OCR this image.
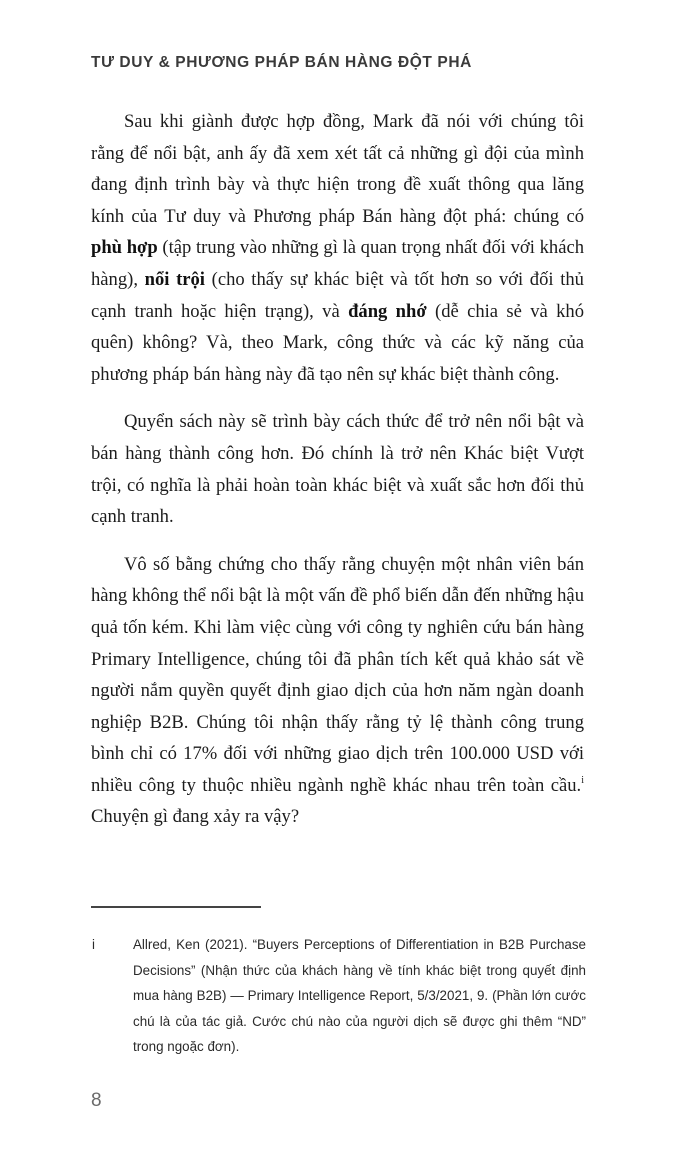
TƯ DUY & PHƯƠNG PHÁP BÁN HÀNG ĐỘT PHÁ

Sau khi giành được hợp đồng, Mark đã nói với chúng tôi rằng để nổi bật, anh ấy đã xem xét tất cả những gì đội của mình đang định trình bày và thực hiện trong đề xuất thông qua lăng kính của Tư duy và Phương pháp Bán hàng đột phá: chúng có phù hợp (tập trung vào những gì là quan trọng nhất đối với khách hàng), nổi trội (cho thấy sự khác biệt và tốt hơn so với đối thủ cạnh tranh hoặc hiện trạng), và đáng nhớ (dễ chia sẻ và khó quên) không? Và, theo Mark, công thức và các kỹ năng của phương pháp bán hàng này đã tạo nên sự khác biệt thành công.

Quyển sách này sẽ trình bày cách thức để trở nên nổi bật và bán hàng thành công hơn. Đó chính là trở nên Khác biệt Vượt trội, có nghĩa là phải hoàn toàn khác biệt và xuất sắc hơn đối thủ cạnh tranh.

Vô số bằng chứng cho thấy rằng chuyện một nhân viên bán hàng không thể nổi bật là một vấn đề phổ biến dẫn đến những hậu quả tốn kém. Khi làm việc cùng với công ty nghiên cứu bán hàng Primary Intelligence, chúng tôi đã phân tích kết quả khảo sát về người nắm quyền quyết định giao dịch của hơn năm ngàn doanh nghiệp B2B. Chúng tôi nhận thấy rằng tỷ lệ thành công trung bình chỉ có 17% đối với những giao dịch trên 100.000 USD với nhiều công ty thuộc nhiều ngành nghề khác nhau trên toàn cầu.$^i$ Chuyện gì đang xảy ra vậy?

i	Allred, Ken (2021). “Buyers Perceptions of Differentiation in B2B Purchase Decisions” (Nhận thức của khách hàng về tính khác biệt trong quyết định mua hàng B2B) — Primary Intelligence Report, 5/3/2021, 9. (Phần lớn cước chú là của tác giả. Cước chú nào của người dịch sẽ được ghi thêm “ND” trong ngoặc đơn).
8
